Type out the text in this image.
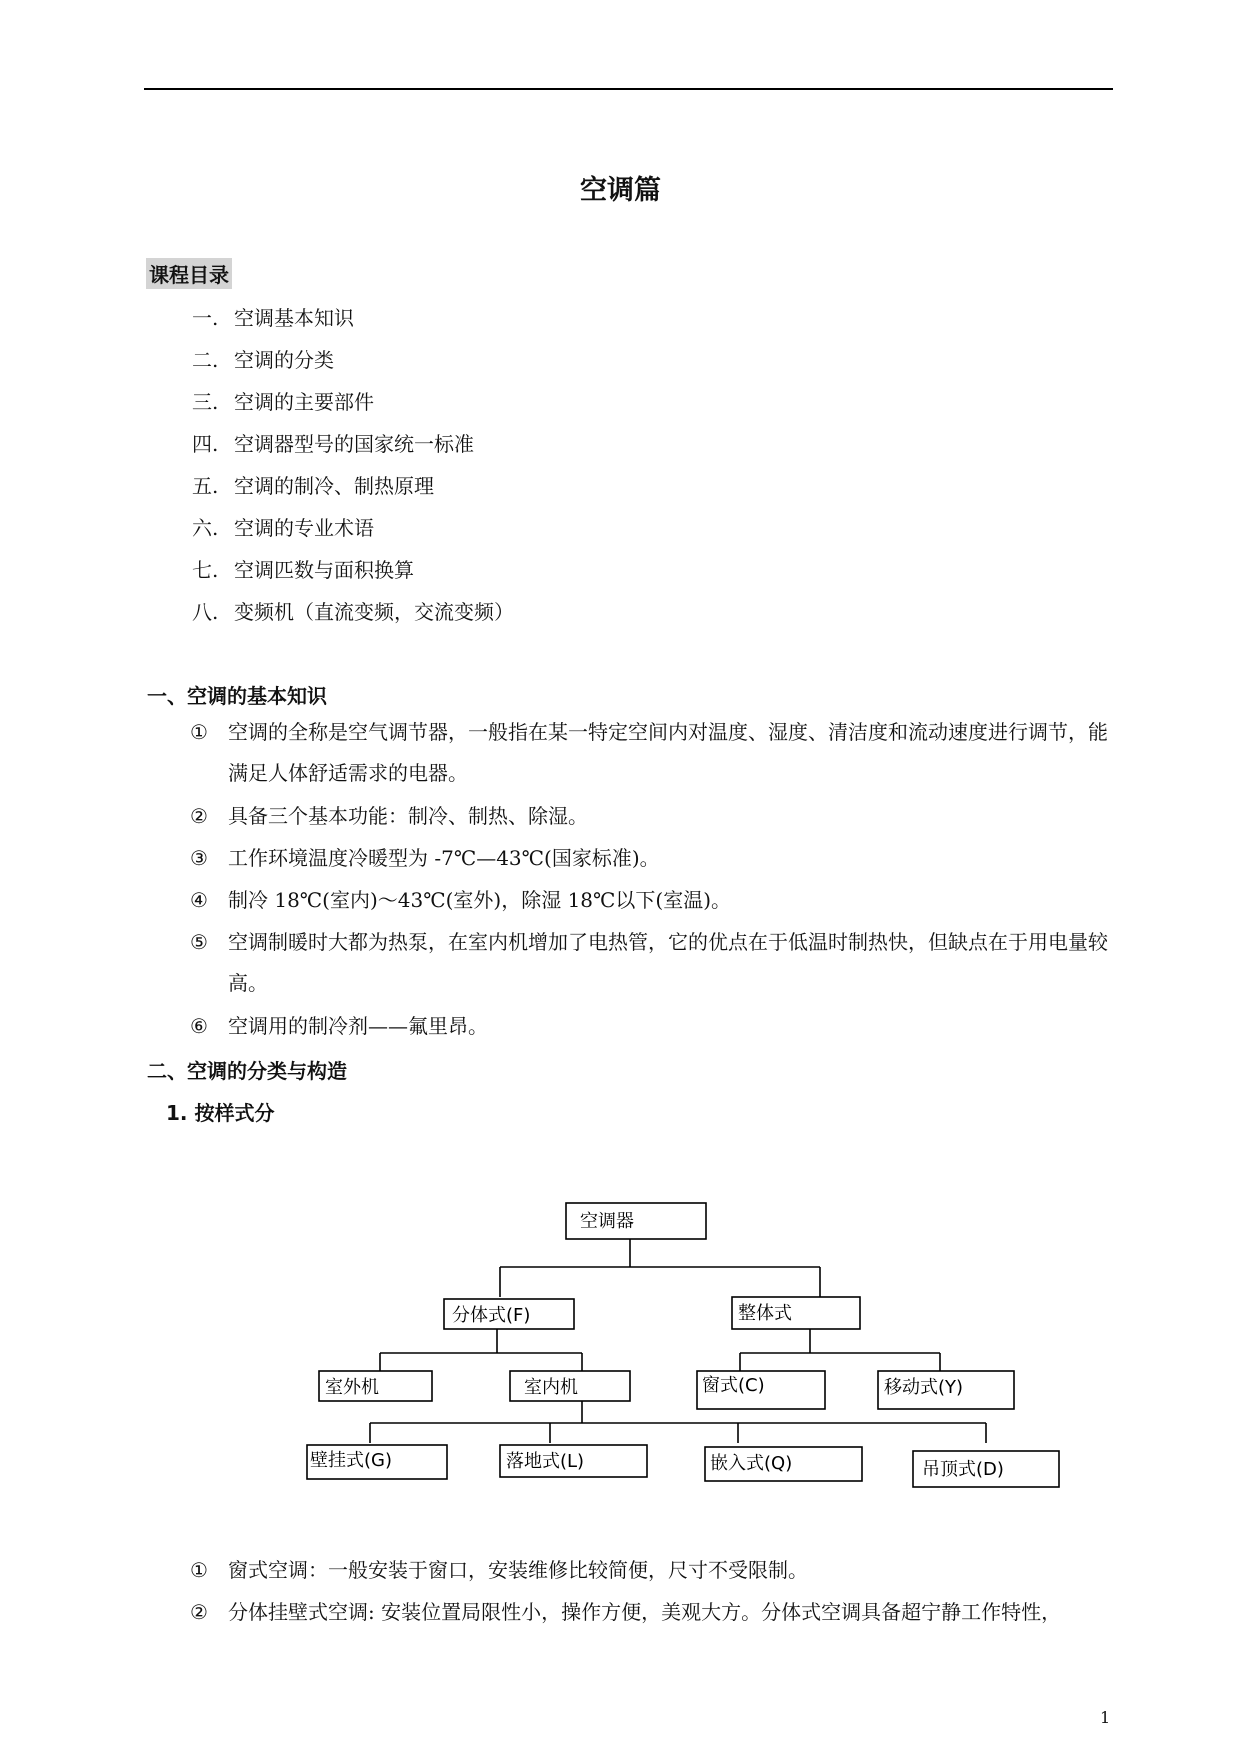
空调篇
课程目录
一. 空调基本知识
二. 空调的分类
三. 空调的主要部件
四. 空调器型号的国家统一标准
五. 空调的制冷、制热原理
六. 空调的专业术语
七. 空调匹数与面积换算
八. 变频机（直流变频，交流变频）
一、空调的基本知识
① 空调的全称是空气调节器，一般指在某一特定空间内对温度、湿度、清洁度和流动速度进行调节，能满足人体舒适需求的电器。
② 具备三个基本功能：制冷、制热、除湿。
③ 工作环境温度冷暖型为 -7℃—43℃(国家标准)。
④ 制冷 18℃(室内)～43℃(室外)，除湿 18℃以下(室温)。
⑤ 空调制暖时大都为热泵，在室内机增加了电热管，它的优点在于低温时制热快，但缺点在于用电量较高。
⑥ 空调用的制冷剂——氟里昂。
二、空调的分类与构造
1. 按样式分
空调器
分体式(F)	整体式
室外机	室内机	窗式(C)	移动式(Y)
壁挂式(G)	落地式(L)	嵌入式(Q)	吊顶式(D)
① 窗式空调：一般安装于窗口，安装维修比较简便，尺寸不受限制。
② 分体挂壁式空调: 安装位置局限性小，操作方便，美观大方。分体式空调具备超宁静工作特性，
1
